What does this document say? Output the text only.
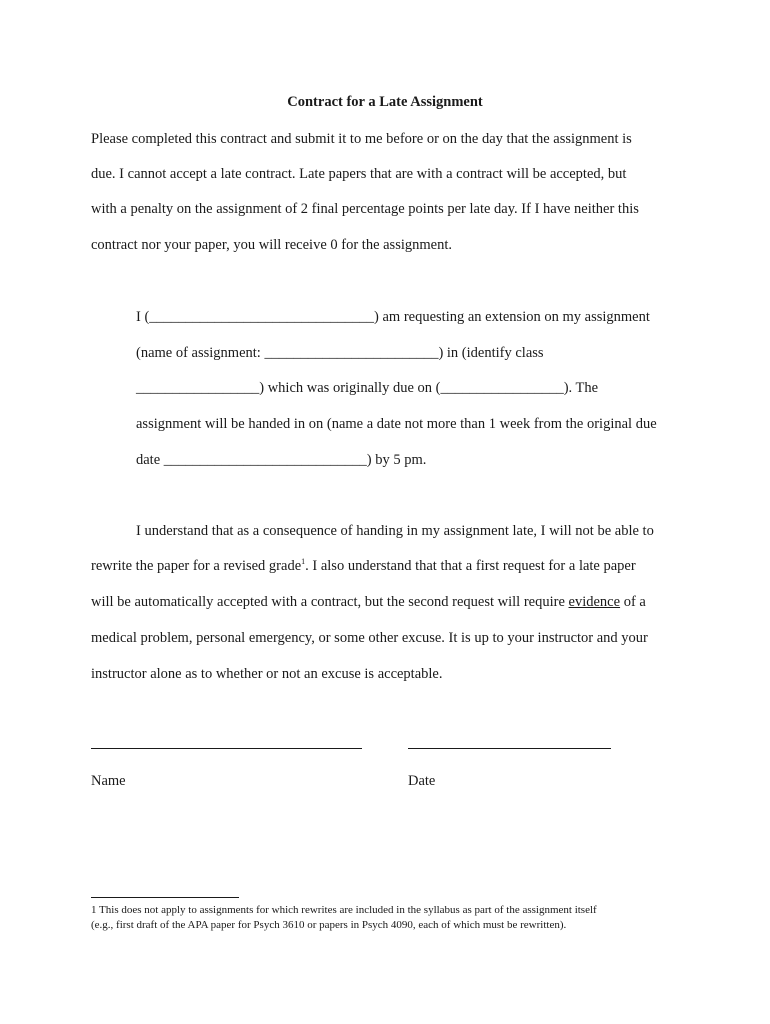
Contract for a Late Assignment
Please completed this contract and submit it to me before or on the day that the assignment is
due. I cannot accept a late contract. Late papers that are with a contract will be accepted, but
with a penalty on the assignment of 2 final percentage points per late day. If I have neither this
contract nor your paper, you will receive 0 for the assignment.
I (_______________________________) am requesting an extension on my assignment
(name of assignment: ________________________) in (identify class
_________________) which was originally due on (_________________). The
assignment will be handed in on (name a date not more than 1 week from the original due
date ____________________________) by 5 pm.
I understand that as a consequence of handing in my assignment late, I will not be able to
rewrite the paper for a revised grade$^1$. I also understand that that a first request for a late paper
will be automatically accepted with a contract, but the second request will require evidence of a
medical problem, personal emergency, or some other excuse. It is up to your instructor and your
instructor alone as to whether or not an excuse is acceptable.
Name	Date
1 This does not apply to assignments for which rewrites are included in the syllabus as part of the assignment itself
(e.g., first draft of the APA paper for Psych 3610 or papers in Psych 4090, each of which must be rewritten).
